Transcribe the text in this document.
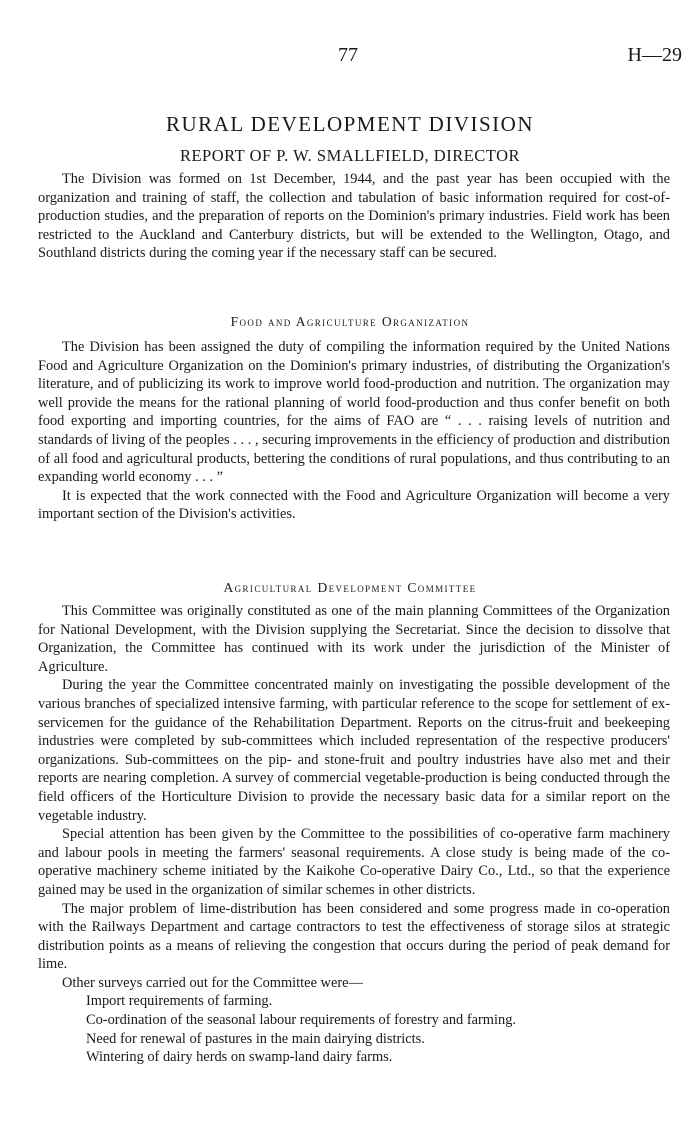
77	H—29
RURAL DEVELOPMENT DIVISION
REPORT OF P. W. SMALLFIELD, DIRECTOR

The Division was formed on 1st December, 1944, and the past year has been occupied with the organization and training of staff, the collection and tabulation of basic information required for cost-of-production studies, and the preparation of reports on the Dominion's primary industries. Field work has been restricted to the Auckland and Canterbury districts, but will be extended to the Wellington, Otago, and Southland districts during the coming year if the necessary staff can be secured.

Food and Agriculture Organization

The Division has been assigned the duty of compiling the information required by the United Nations Food and Agriculture Organization on the Dominion's primary industries, of distributing the Organization's literature, and of publicizing its work to improve world food-production and nutrition. The organization may well provide the means for the rational planning of world food-production and thus confer benefit on both food exporting and importing countries, for the aims of FAO are “ . . . raising levels of nutrition and standards of living of the peoples . . . , securing improvements in the efficiency of production and distribution of all food and agricultural products, bettering the conditions of rural populations, and thus contributing to an expanding world economy . . . ”

It is expected that the work connected with the Food and Agriculture Organization will become a very important section of the Division's activities.

Agricultural Development Committee

This Committee was originally constituted as one of the main planning Committees of the Organization for National Development, with the Division supplying the Secretariat. Since the decision to dissolve that Organization, the Committee has continued with its work under the jurisdiction of the Minister of Agriculture.

During the year the Committee concentrated mainly on investigating the possible development of the various branches of specialized intensive farming, with particular reference to the scope for settlement of ex-servicemen for the guidance of the Rehabilitation Department. Reports on the citrus-fruit and beekeeping industries were completed by sub-committees which included representation of the respective producers' organizations. Sub-committees on the pip- and stone-fruit and poultry industries have also met and their reports are nearing completion. A survey of commercial vegetable-production is being conducted through the field officers of the Horticulture Division to provide the necessary basic data for a similar report on the vegetable industry.

Special attention has been given by the Committee to the possibilities of co-operative farm machinery and labour pools in meeting the farmers' seasonal requirements. A close study is being made of the co-operative machinery scheme initiated by the Kaikohe Co-operative Dairy Co., Ltd., so that the experience gained may be used in the organization of similar schemes in other districts.

The major problem of lime-distribution has been considered and some progress made in co-operation with the Railways Department and cartage contractors to test the effectiveness of storage silos at strategic distribution points as a means of relieving the congestion that occurs during the period of peak demand for lime.

Other surveys carried out for the Committee were—

Import requirements of farming.
Co-ordination of the seasonal labour requirements of forestry and farming.
Need for renewal of pastures in the main dairying districts.
Wintering of dairy herds on swamp-land dairy farms.
